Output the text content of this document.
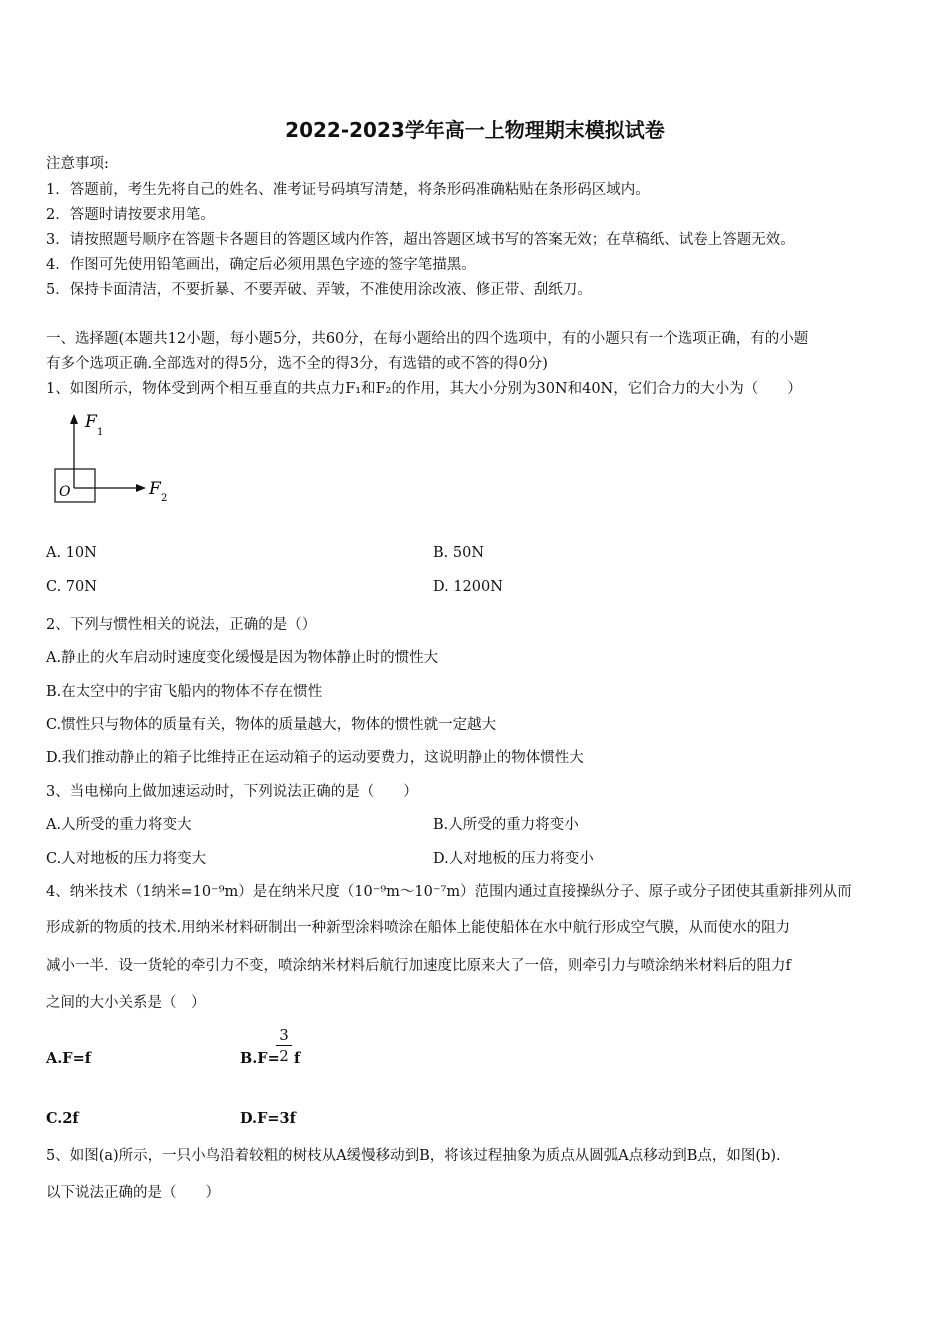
2022-2023学年高一上物理期末模拟试卷
注意事项:
1．答题前，考生先将自己的姓名、准考证号码填写清楚，将条形码准确粘贴在条形码区域内。
2．答题时请按要求用笔。
3．请按照题号顺序在答题卡各题目的答题区域内作答，超出答题区域书写的答案无效；在草稿纸、试卷上答题无效。
4．作图可先使用铅笔画出，确定后必须用黑色字迹的签字笔描黑。
5．保持卡面清洁，不要折暴、不要弄破、弄皱，不准使用涂改液、修正带、刮纸刀。
一、选择题(本题共12小题，每小题5分，共60分，在每小题给出的四个选项中，有的小题只有一个选项正确，有的小题
有多个选项正确.全部选对的得5分，选不全的得3分，有选错的或不答的得0分)
1、如图所示，物体受到两个相互垂直的共点力F₁和F₂的作用，其大小分别为30N和40N，它们合力的大小为（　　）
F
1
F 2
O
A. 10N	B. 50N
C. 70N	D. 1200N
2、下列与惯性相关的说法，正确的是（）
A.静止的火车启动时速度变化缓慢是因为物体静止时的惯性大
B.在太空中的宇宙飞船内的物体不存在惯性
C.惯性只与物体的质量有关，物体的质量越大，物体的惯性就一定越大
D.我们推动静止的箱子比维持正在运动箱子的运动要费力，这说明静止的物体惯性大
3、当电梯向上做加速运动时，下列说法正确的是（　　）
A.人所受的重力将变大	B.人所受的重力将变小
C.人对地板的压力将变大	D.人对地板的压力将变小
4、纳米技术（1纳米=10⁻⁹m）是在纳米尺度（10⁻⁹m～10⁻⁷m）范围内通过直接操纵分子、原子或分子团使其重新排列从而
形成新的物质的技术.用纳米材料研制出一种新型涂料喷涂在船体上能使船体在水中航行形成空气膜，从而使水的阻力
减小一半．设一货轮的牵引力不变，喷涂纳米材料后航行加速度比原来大了一倍，则牵引力与喷涂纳米材料后的阻力f
之间的大小关系是（　）
A.F=f	B.F=
3
2 f
C.2f	D.F=3f
5、如图(a)所示，一只小鸟沿着较粗的树枝从A缓慢移动到B，将该过程抽象为质点从圆弧A点移动到B点，如图(b).
以下说法正确的是（　　）
